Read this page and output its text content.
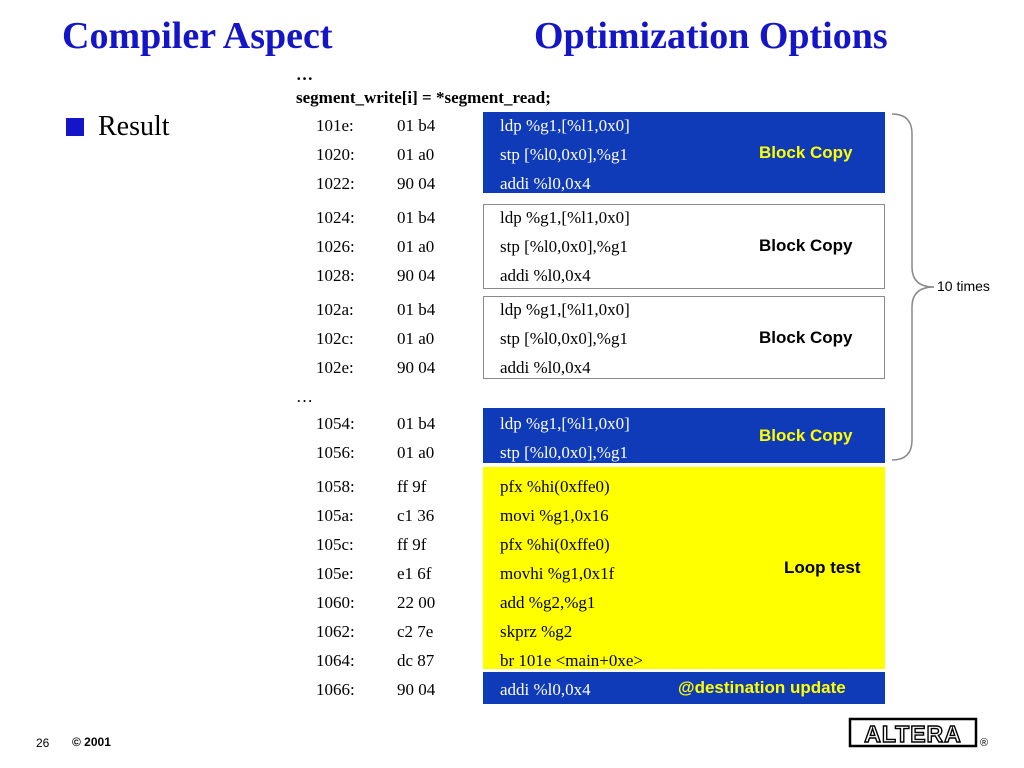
Compiler Aspect	Optimization Options
Result
Block Copy
Block Copy
Block Copy
Block Copy
Loop test
@destination update
…
segment_write[i] = *segment_read;
…
101e:	01 b4	ldp %g1,[%l1,0x0]
1020: 01 a0	stp [%l0,0x0],%g1
1022: 90 04	addi %l0,0x4
1024: 01 b4	ldp %g1,[%l1,0x0]
1026: 01 a0	stp [%l0,0x0],%g1
1028: 90 04	addi %l0,0x4
102a:	01 b4	ldp %g1,[%l1,0x0]
102c:	01 a0	stp [%l0,0x0],%g1
102e:	90 04	addi %l0,0x4
1054: 01 b4	ldp %g1,[%l1,0x0]
1056: 01 a0	stp [%l0,0x0],%g1
1058: ff 9f	pfx %hi(0xffe0)
105a:	c1 36	movi %g1,0x16
105c:	ff 9f	pfx %hi(0xffe0)
105e:	e1 6f	movhi %g1,0x1f
1060: 22 00	add %g2,%g1
1062: c2 7e	skprz %g2
1064: dc 87	br 101e <main+0xe>
1066: 90 04	addi %l0,0x4
10 times
26 © 2001	ALTERA ®
